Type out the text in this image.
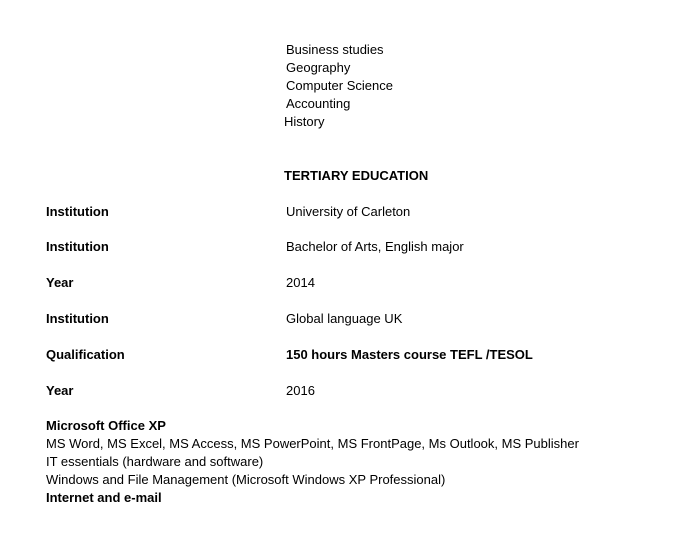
Business studies
Geography
Computer Science
Accounting
History
TERTIARY EDUCATION
Institution	University of Carleton
Institution	Bachelor of Arts, English major
Year	2014
Institution	Global language UK
Qualification	150 hours Masters course TEFL /TESOL
Year	2016
Microsoft Office XP
MS Word, MS Excel, MS Access, MS PowerPoint, MS FrontPage, Ms Outlook, MS Publisher
IT essentials (hardware and software)
Windows and File Management (Microsoft Windows XP Professional)
Internet and e-mail
